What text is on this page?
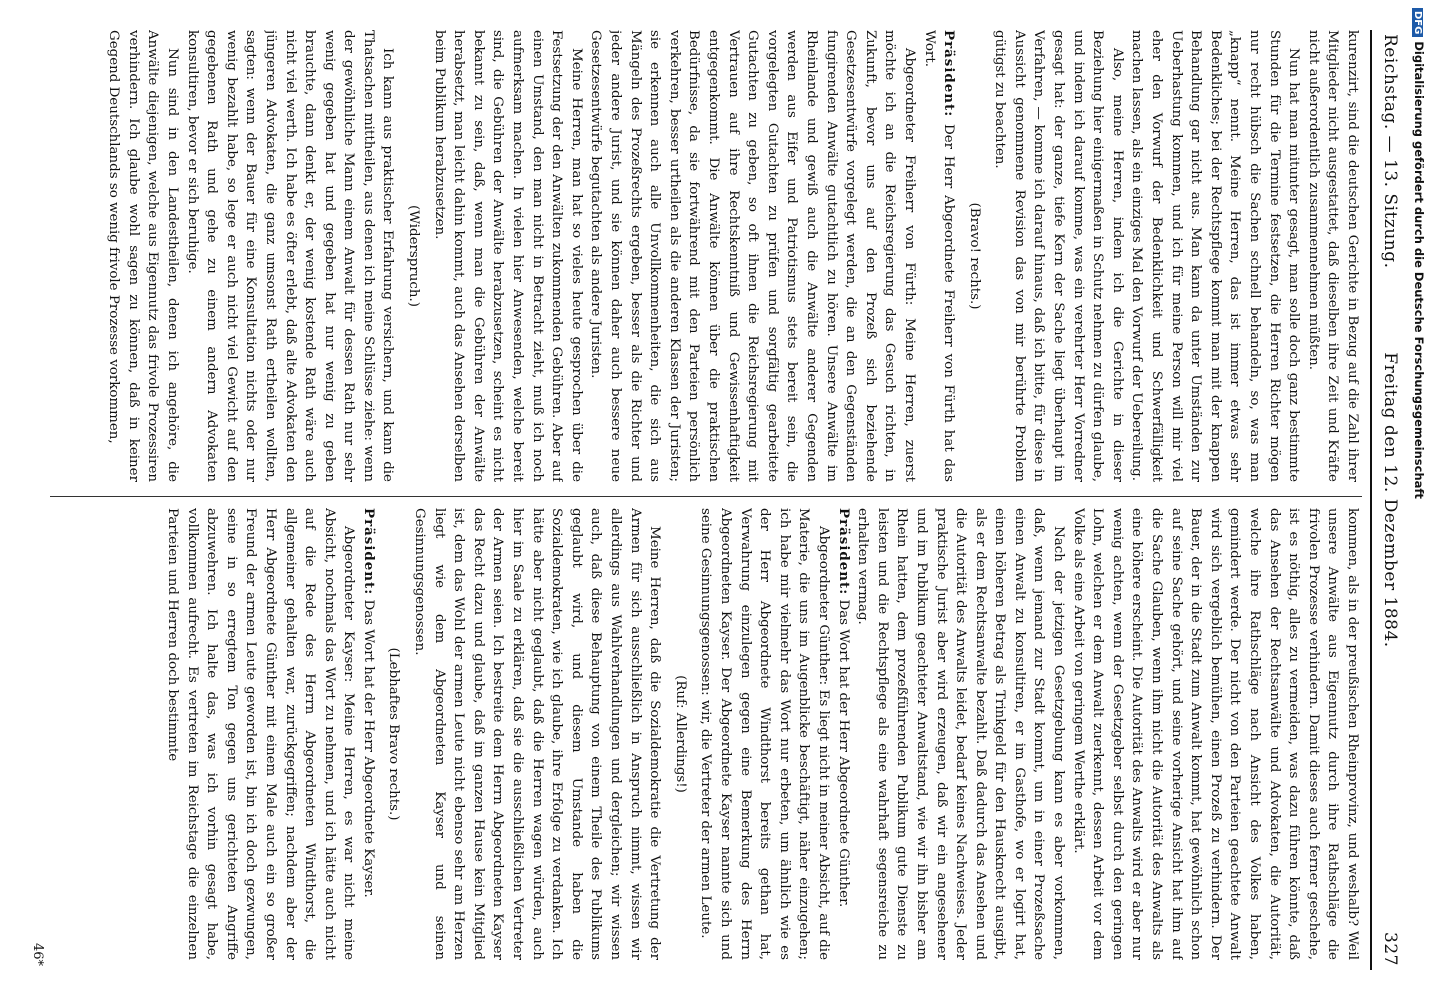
Reichstag. — 13. Sitzung.
Freitag den 12. Dezember 1884.
327

kurenzirt, sind die deutschen Gerichte in Bezug auf die Zahl ihrer Mitglieder nicht ausgestattet, daß dieselben ihre Zeit und Kräfte nicht außerordentlich zusammennehmen müßten.

Nun hat man mitunter gesagt, man solle doch ganz bestimmte Stunden für die Termine festsetzen, die Herren Richter mögen nur recht hübsch die Sachen schnell behandeln, so, was man „knapp“ nennt. Meine Herren, das ist immer etwas sehr Bedenkliches; bei der Rechtspflege kommt man mit der knappen Behandlung gar nicht aus. Man kann da unter Umständen zur Ueberhastung kommen, und ich für meine Person will mir viel eher den Vorwurf der Bedenklichkeit und Schwerfälligkeit machen lassen, als ein einziges Mal den Vorwurf der Uebereilung.

Also, meine Herren, indem ich die Gerichte in dieser Beziehung hier einigermaßen in Schutz nehmen zu dürfen glaube, und indem ich darauf komme, was ein verehrter Herr Vorredner gesagt hat: der ganze, tiefe Kern der Sache liegt überhaupt im Verfahren, — komme ich darauf hinaus, daß ich bitte, für diese in Aussicht genommene Revision das von mir berührte Problem gütigst zu beachten.

(Bravo! rechts.)

Präsident: Der Herr Abgeordnete Freiherr von Fürth hat das Wort.

Abgeordneter Freiherr von Fürth: Meine Herren, zuerst möchte ich an die Reichsregierung das Gesuch richten, in Zukunft, bevor uns auf den Prozeß sich beziehende Gesetzesentwürfe vorgelegt werden, die an den Gegenständen fungirenden Anwälte gutachtlich zu hören. Unsere Anwälte im Rheinlande und gewiß auch die Anwälte anderer Gegenden werden aus Eifer und Patriotismus stets bereit sein, die vorgelegten Gutachten zu prüfen und sorgfältig gearbeitete Gutachten zu geben, so oft ihnen die Reichsregierung mit Vertrauen auf ihre Rechtskenntniß und Gewissenhaftigkeit entgegenkommt. Die Anwälte können über die praktischen Bedürfnisse, da sie fortwährend mit den Parteien persönlich verkehren, besser urtheilen als die anderen Klassen der Juristen; sie erkennen auch alle Unvollkommenheiten, die sich aus Mängeln des Prozeßrechts ergeben, besser als die Richter und jeder andere Jurist, und sie können daher auch bessere neue Gesetzesentwürfe begutachten als andere Juristen.

Meine Herren, man hat so vieles heute gesprochen über die Festsetzung der den Anwälten zukommenden Gebühren. Aber auf einen Umstand, den man nicht in Betracht zieht, muß ich noch aufmerksam machen. In vielen hier Anwesenden, welche bereit sind, die Gebühren der Anwälte herabzusetzen, scheint es nicht bekannt zu sein, daß, wenn man die Gebühren der Anwälte herabsetzt, man leicht dahin kommt, auch das Ansehen derselben beim Publikum herabzusetzen.

(Widerspruch.)

Ich kann aus praktischer Erfahrung versichern, und kann die Thatsachen mittheilen, aus denen ich meine Schlüsse ziehe: wenn der gewöhnliche Mann einem Anwalt für dessen Rath nur sehr wenig gegeben hat und gegeben hat nur wenig zu geben brauchte, dann denkt er, der wenig kostende Rath wäre auch nicht viel werth. Ich habe es öfter erlebt, daß alte Advokaten den jüngeren Advokaten, die ganz umsonst Rath ertheilen wollten, sagten: wenn der Bauer für eine Konsultation nichts oder nur wenig bezahlt habe, so lege er auch nicht viel Gewicht auf den gegebenen Rath und gehe zu einem andern Advokaten konsultiren, bevor er sich beruhige.

Nun sind in den Landestheilen, denen ich angehöre, die Anwälte diejenigen, welche aus Eigennutz das frivole Prozessiren verhindern. Ich glaube wohl sagen zu können, daß in keiner Gegend Deutschlands so wenig frivole Prozesse vorkommen,

kommen, als in der preußischen Rheinprovinz, und weshalb? Weil unsere Anwälte aus Eigennutz durch ihre Rathschläge die frivolen Prozesse verhindern. Damit dieses auch ferner geschehe, ist es nöthig, alles zu vermeiden, was dazu führen könnte, daß das Ansehen der Rechtsanwälte und Advokaten, die Autorität, welche ihre Rathschläge nach Ansicht des Volkes haben, gemindert werde. Der nicht von den Parteien geachtete Anwalt wird sich vergeblich bemühen, einen Prozeß zu verhindern. Der Bauer, der in die Stadt zum Anwalt kommt, hat gewöhnlich schon auf seine Sache gehört, und seine vorherige Ansicht hat ihm auf die Sache Glauben, wenn ihm nicht die Autorität des Anwalts als eine höhere erscheint. Die Autorität des Anwalts wird er aber nur wenig achten, wenn der Gesetzgeber selbst durch den geringen Lohn, welchen er dem Anwalt zuerkennt, dessen Arbeit vor dem Volke als eine Arbeit von geringem Werthe erklärt.

Nach der jetzigen Gesetzgebung kann es aber vorkommen, daß, wenn jemand zur Stadt kommt, um in einer Prozeßsache einen Anwalt zu konsultiren, er im Gasthofe, wo er logirt hat, einen höheren Betrag als Trinkgeld für den Hausknecht ausgibt, als er dem Rechtsanwalte bezahlt. Daß dadurch das Ansehen und die Autorität des Anwalts leidet, bedarf keines Nachweises. Jeder praktische Jurist aber wird erzeugen, daß wir ein angesehener und im Publikum geachteter Anwaltstand, wie wir ihn bisher am Rhein hatten, dem prozeßführenden Publikum gute Dienste zu leisten und die Rechtspflege als eine wahrhaft segensreiche zu erhalten vermag.

Präsident: Das Wort hat der Herr Abgeordnete Günther.

Abgeordneter Günther: Es liegt nicht in meiner Absicht, auf die Materie, die uns im Augenblicke beschäftigt, näher einzugehen; ich habe mir vielmehr das Wort nur erbeten, um ähnlich wie es der Herr Abgeordnete Windthorst bereits gethan hat, Verwahrung einzulegen gegen eine Bemerkung des Herrn Abgeordneten Kayser. Der Abgeordnete Kayser nannte sich und seine Gesinnungsgenossen: wir, die Vertreter der armen Leute.

(Ruf: Allerdings!)

Meine Herren, daß die Sozialdemokratie die Vertretung der Armen für sich ausschließlich in Anspruch nimmt, wissen wir allerdings aus Wahlverhandlungen und dergleichen; wir wissen auch, daß diese Behauptung von einem Theile des Publikums geglaubt wird, und diesem Umstande haben die Sozialdemokraten, wie ich glaube, ihre Erfolge zu verdanken. Ich hätte aber nicht geglaubt, daß die Herren wagen würden, auch hier im Saale zu erklären, daß sie die ausschließlichen Vertreter der Armen seien. Ich bestreite dem Herrn Abgeordneten Kayser das Recht dazu und glaube, daß im ganzen Hause kein Mitglied ist, dem das Wohl der armen Leute nicht ebenso sehr am Herzen liegt wie dem Abgeordneten Kayser und seinen Gesinnungsgenossen.

(Lebhaftes Bravo rechts.)

Präsident: Das Wort hat der Herr Abgeordnete Kayser.

Abgeordneter Kayser: Meine Herren, es war nicht meine Absicht, nochmals das Wort zu nehmen, und ich hätte auch nicht auf die Rede des Herrn Abgeordneten Windthorst, die allgemeiner gehalten war, zurückgegriffen; nachdem aber der Herr Abgeordnete Günther mit einem Male auch ein so großer Freund der armen Leute geworden ist, bin ich doch gezwungen, seine in so erregtem Ton gegen uns gerichteten Angriffe abzuwehren. Ich halte das, was ich vorhin gesagt habe, vollkommen aufrecht. Es vertreten im Reichstage die einzelnen Parteien und Herren doch bestimmte

46*
DFGDigitalisierung gefördert durch die Deutsche Forschungsgemeinschaft
